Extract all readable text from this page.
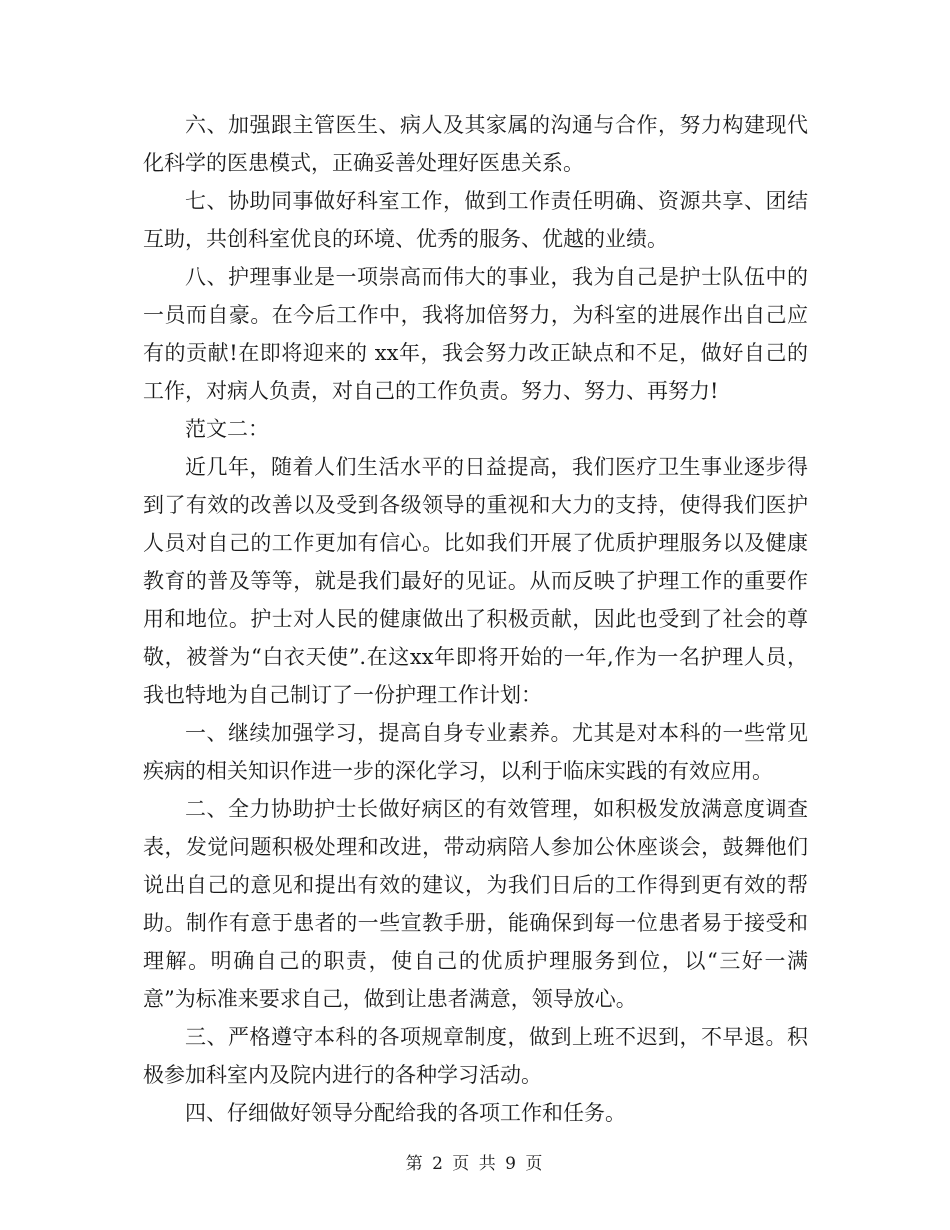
六、加强跟主管医生、病人及其家属的沟通与合作，努力构建现代化科学的医患模式，正确妥善处理好医患关系。

七、协助同事做好科室工作，做到工作责任明确、资源共享、团结互助，共创科室优良的环境、优秀的服务、优越的业绩。

八、护理事业是一项崇高而伟大的事业，我为自己是护士队伍中的一员而自豪。在今后工作中，我将加倍努力，为科室的进展作出自己应有的贡献!在即将迎来的 xx年，我会努力改正缺点和不足，做好自己的工作，对病人负责，对自己的工作负责。努力、努力、再努力!

范文二：

近几年，随着人们生活水平的日益提高，我们医疗卫生事业逐步得到了有效的改善以及受到各级领导的重视和大力的支持，使得我们医护人员对自己的工作更加有信心。比如我们开展了优质护理服务以及健康教育的普及等等，就是我们最好的见证。从而反映了护理工作的重要作用和地位。护士对人民的健康做出了积极贡献，因此也受到了社会的尊敬，被誉为“白衣天使”.在这xx年即将开始的一年,作为一名护理人员，我也特地为自己制订了一份护理工作计划：

一、继续加强学习，提高自身专业素养。尤其是对本科的一些常见疾病的相关知识作进一步的深化学习，以利于临床实践的有效应用。

二、全力协助护士长做好病区的有效管理，如积极发放满意度调查表，发觉问题积极处理和改进，带动病陪人参加公休座谈会，鼓舞他们说出自己的意见和提出有效的建议，为我们日后的工作得到更有效的帮助。制作有意于患者的一些宣教手册，能确保到每一位患者易于接受和理解。明确自己的职责，使自己的优质护理服务到位，以“三好一满意”为标准来要求自己，做到让患者满意，领导放心。

三、严格遵守本科的各项规章制度，做到上班不迟到，不早退。积极参加科室内及院内进行的各种学习活动。

四、仔细做好领导分配给我的各项工作和任务。

第 2 页 共 9 页
